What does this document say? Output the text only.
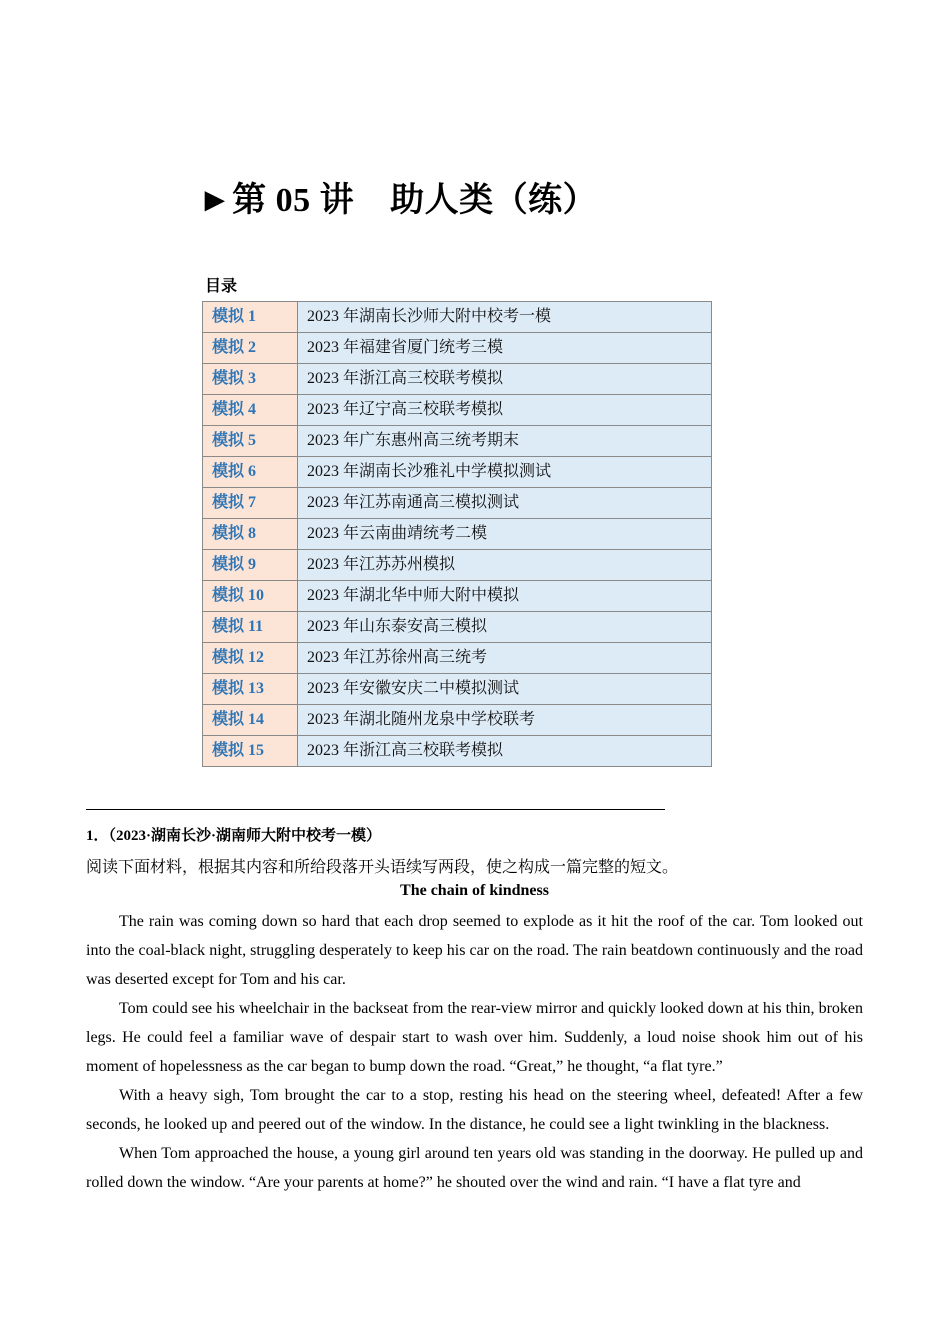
►第 05 讲    助人类（练）
目录
模拟 1	2023 年湖南长沙师大附中校考一模
模拟 2	2023 年福建省厦门统考三模
模拟 3	2023 年浙江高三校联考模拟
模拟 4	2023 年辽宁高三校联考模拟
模拟 5	2023 年广东惠州高三统考期末
模拟 6	2023 年湖南长沙雅礼中学模拟测试
模拟 7	2023 年江苏南通高三模拟测试
模拟 8	2023 年云南曲靖统考二模
模拟 9	2023 年江苏苏州模拟
模拟 10	2023 年湖北华中师大附中模拟
模拟 11	2023 年山东泰安高三模拟
模拟 12	2023 年江苏徐州高三统考
模拟 13	2023 年安徽安庆二中模拟测试
模拟 14	2023 年湖北随州龙泉中学校联考
模拟 15	2023 年浙江高三校联考模拟
1．（2023·湖南长沙·湖南师大附中校考一模）
阅读下面材料，根据其内容和所给段落开头语续写两段，使之构成一篇完整的短文。
The chain of kindness

The rain was coming down so hard that each drop seemed to explode as it hit the roof of the car. Tom looked out into the coal-black night, struggling desperately to keep his car on the road. The rain beatdown continuously and the road was deserted except for Tom and his car.

Tom could see his wheelchair in the backseat from the rear-view mirror and quickly looked down at his thin, broken legs. He could feel a familiar wave of despair start to wash over him. Suddenly, a loud noise shook him out of his moment of hopelessness as the car began to bump down the road. “Great,” he thought, “a flat tyre.”

With a heavy sigh, Tom brought the car to a stop, resting his head on the steering wheel, defeated! After a few seconds, he looked up and peered out of the window. In the distance, he could see a light twinkling in the blackness.

When Tom approached the house, a young girl around ten years old was standing in the doorway. He pulled up and rolled down the window. “Are your parents at home?” he shouted over the wind and rain. “I have a flat tyre and
